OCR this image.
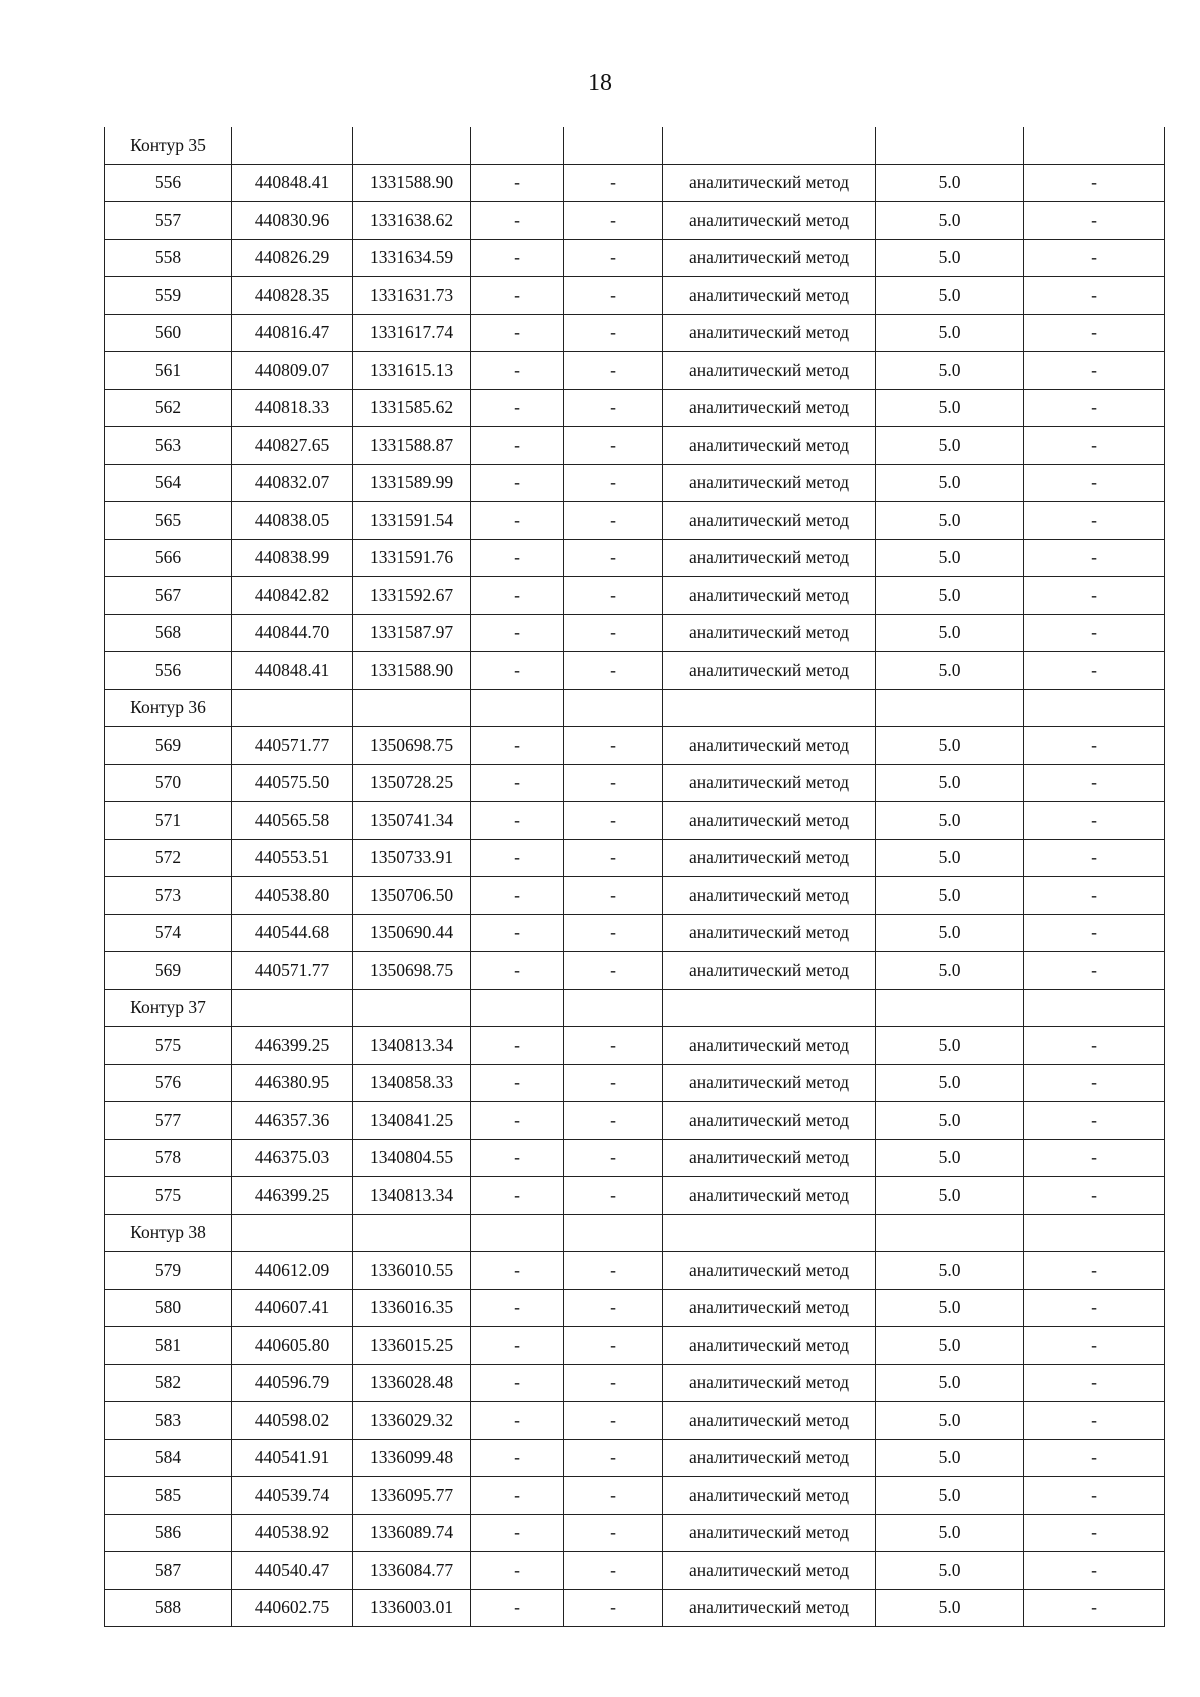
18
Контур 35							
556	440848.41	1331588.90	-	-	аналитический метод	5.0	-
557	440830.96	1331638.62	-	-	аналитический метод	5.0	-
558	440826.29	1331634.59	-	-	аналитический метод	5.0	-
559	440828.35	1331631.73	-	-	аналитический метод	5.0	-
560	440816.47	1331617.74	-	-	аналитический метод	5.0	-
561	440809.07	1331615.13	-	-	аналитический метод	5.0	-
562	440818.33	1331585.62	-	-	аналитический метод	5.0	-
563	440827.65	1331588.87	-	-	аналитический метод	5.0	-
564	440832.07	1331589.99	-	-	аналитический метод	5.0	-
565	440838.05	1331591.54	-	-	аналитический метод	5.0	-
566	440838.99	1331591.76	-	-	аналитический метод	5.0	-
567	440842.82	1331592.67	-	-	аналитический метод	5.0	-
568	440844.70	1331587.97	-	-	аналитический метод	5.0	-
556	440848.41	1331588.90	-	-	аналитический метод	5.0	-
Контур 36							
569	440571.77	1350698.75	-	-	аналитический метод	5.0	-
570	440575.50	1350728.25	-	-	аналитический метод	5.0	-
571	440565.58	1350741.34	-	-	аналитический метод	5.0	-
572	440553.51	1350733.91	-	-	аналитический метод	5.0	-
573	440538.80	1350706.50	-	-	аналитический метод	5.0	-
574	440544.68	1350690.44	-	-	аналитический метод	5.0	-
569	440571.77	1350698.75	-	-	аналитический метод	5.0	-
Контур 37							
575	446399.25	1340813.34	-	-	аналитический метод	5.0	-
576	446380.95	1340858.33	-	-	аналитический метод	5.0	-
577	446357.36	1340841.25	-	-	аналитический метод	5.0	-
578	446375.03	1340804.55	-	-	аналитический метод	5.0	-
575	446399.25	1340813.34	-	-	аналитический метод	5.0	-
Контур 38							
579	440612.09	1336010.55	-	-	аналитический метод	5.0	-
580	440607.41	1336016.35	-	-	аналитический метод	5.0	-
581	440605.80	1336015.25	-	-	аналитический метод	5.0	-
582	440596.79	1336028.48	-	-	аналитический метод	5.0	-
583	440598.02	1336029.32	-	-	аналитический метод	5.0	-
584	440541.91	1336099.48	-	-	аналитический метод	5.0	-
585	440539.74	1336095.77	-	-	аналитический метод	5.0	-
586	440538.92	1336089.74	-	-	аналитический метод	5.0	-
587	440540.47	1336084.77	-	-	аналитический метод	5.0	-
588	440602.75	1336003.01	-	-	аналитический метод	5.0	-
